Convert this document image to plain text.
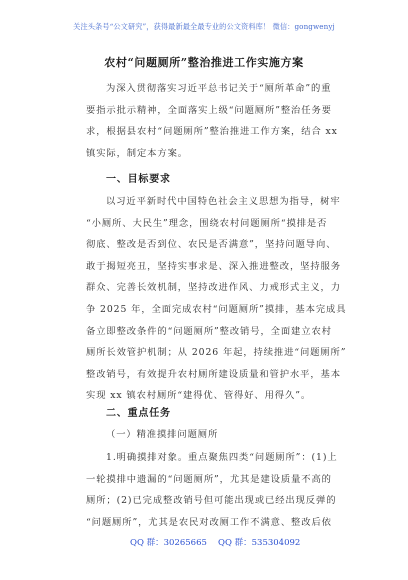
关注头条号“公文研究”，获得最新最全最专业的公文资料库！ 微信：gongwenyj
农村“问题厕所”整治推进工作实施方案
为深入贯彻落实习近平总书记关于“厕所革命”的重
要指示批示精神，全面落实上级“问题厕所”整治任务要
求，根据县农村“问题厕所”整治推进工作方案，结合 xx
镇实际，制定本方案。
一、目标要求
以习近平新时代中国特色社会主义思想为指导，树牢
“小厕所、大民生”理念，围绕农村问题厕所“摸排是否
彻底、整改是否到位、农民是否满意”，坚持问题导向、
敢于揭短亮丑，坚持实事求是、深入推进整改，坚持服务
群众、完善长效机制，坚持改进作风、力戒形式主义，力
争 2025 年，全面完成农村“问题厕所”摸排，基本完成具
备立即整改条件的“问题厕所”整改销号，全面建立农村
厕所长效管护机制；从 2026 年起，持续推进“问题厕所”
整改销号，有效提升农村厕所建设质量和管护水平，基本
实现 xx 镇农村厕所“建得优、管得好、用得久”。
二、重点任务
（一）精准摸排问题厕所
1.明确摸排对象。重点聚焦四类“问题厕所”：(1)上
一轮摸排中遗漏的“问题厕所”，尤其是建设质量不高的
厕所；(2)已完成整改销号但可能出现或已经出现反弹的
“问题厕所”，尤其是农民对改厕工作不满意、整改后依
QQ 群：30265665 QQ 群：535304092
